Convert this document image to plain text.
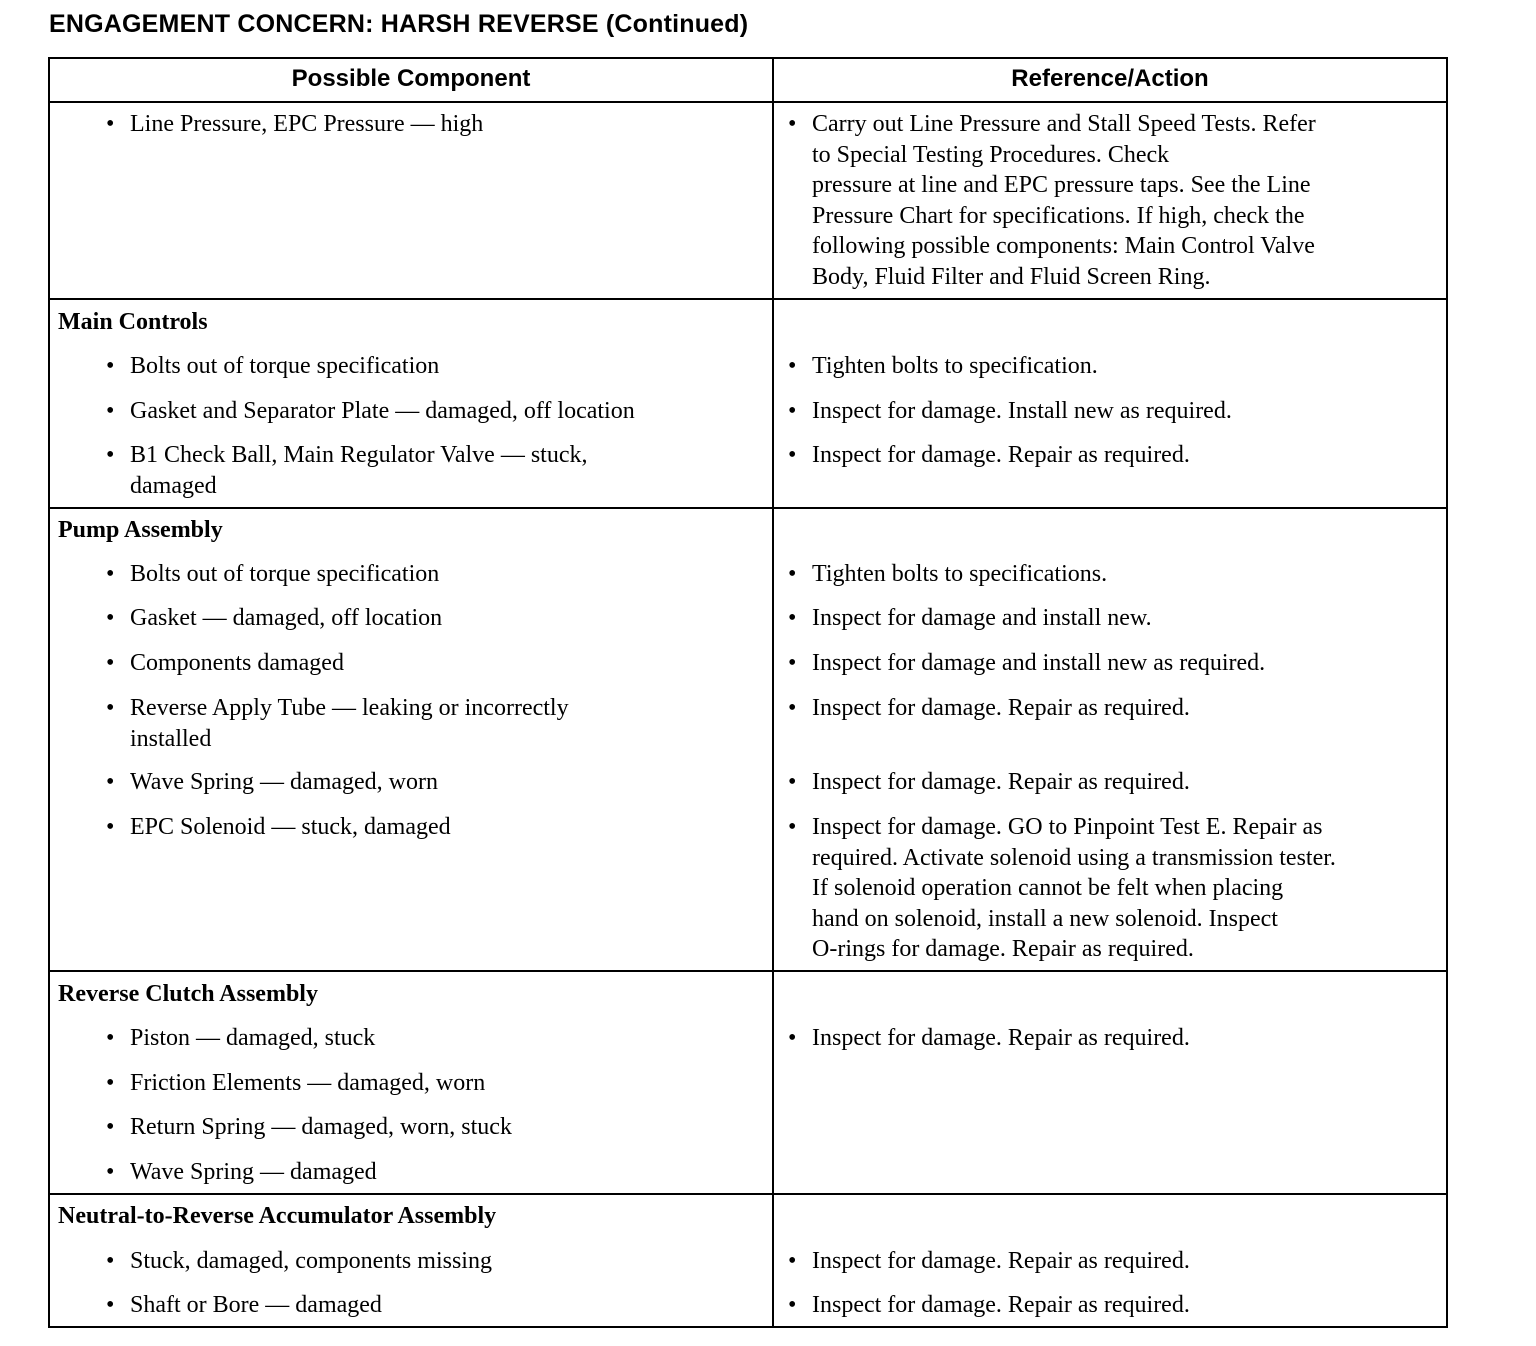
ENGAGEMENT CONCERN: HARSH REVERSE (Continued)
Possible Component	Reference/Action
• Line Pressure, EPC Pressure — high	• Carry out Line Pressure and Stall Speed Tests. Refer
to Special Testing Procedures. Check
pressure at line and EPC pressure taps. See the Line
Pressure Chart for specifications. If high, check the
following possible components: Main Control Valve
Body, Fluid Filter and Fluid Screen Ring.
Main Controls
• Bolts out of torque specification
• Gasket and Separator Plate — damaged, off location
• B1 Check Ball, Main Regulator Valve — stuck,
damaged
• Tighten bolts to specification.
• Inspect for damage. Install new as required.
• Inspect for damage. Repair as required.
Pump Assembly
• Bolts out of torque specification
• Gasket — damaged, off location
• Components damaged
• Reverse Apply Tube — leaking or incorrectly
installed
• Wave Spring — damaged, worn
• EPC Solenoid — stuck, damaged
• Tighten bolts to specifications.
• Inspect for damage and install new.
• Inspect for damage and install new as required.
• Inspect for damage. Repair as required.
• Inspect for damage. Repair as required.
• Inspect for damage. GO to Pinpoint Test E. Repair as
required. Activate solenoid using a transmission tester.
If solenoid operation cannot be felt when placing
hand on solenoid, install a new solenoid. Inspect
O-rings for damage. Repair as required.
Reverse Clutch Assembly
• Piston — damaged, stuck
• Friction Elements — damaged, worn
• Return Spring — damaged, worn, stuck
• Wave Spring — damaged
• Inspect for damage. Repair as required.
Neutral-to-Reverse Accumulator Assembly
• Stuck, damaged, components missing
• Shaft or Bore — damaged
• Inspect for damage. Repair as required.
• Inspect for damage. Repair as required.
